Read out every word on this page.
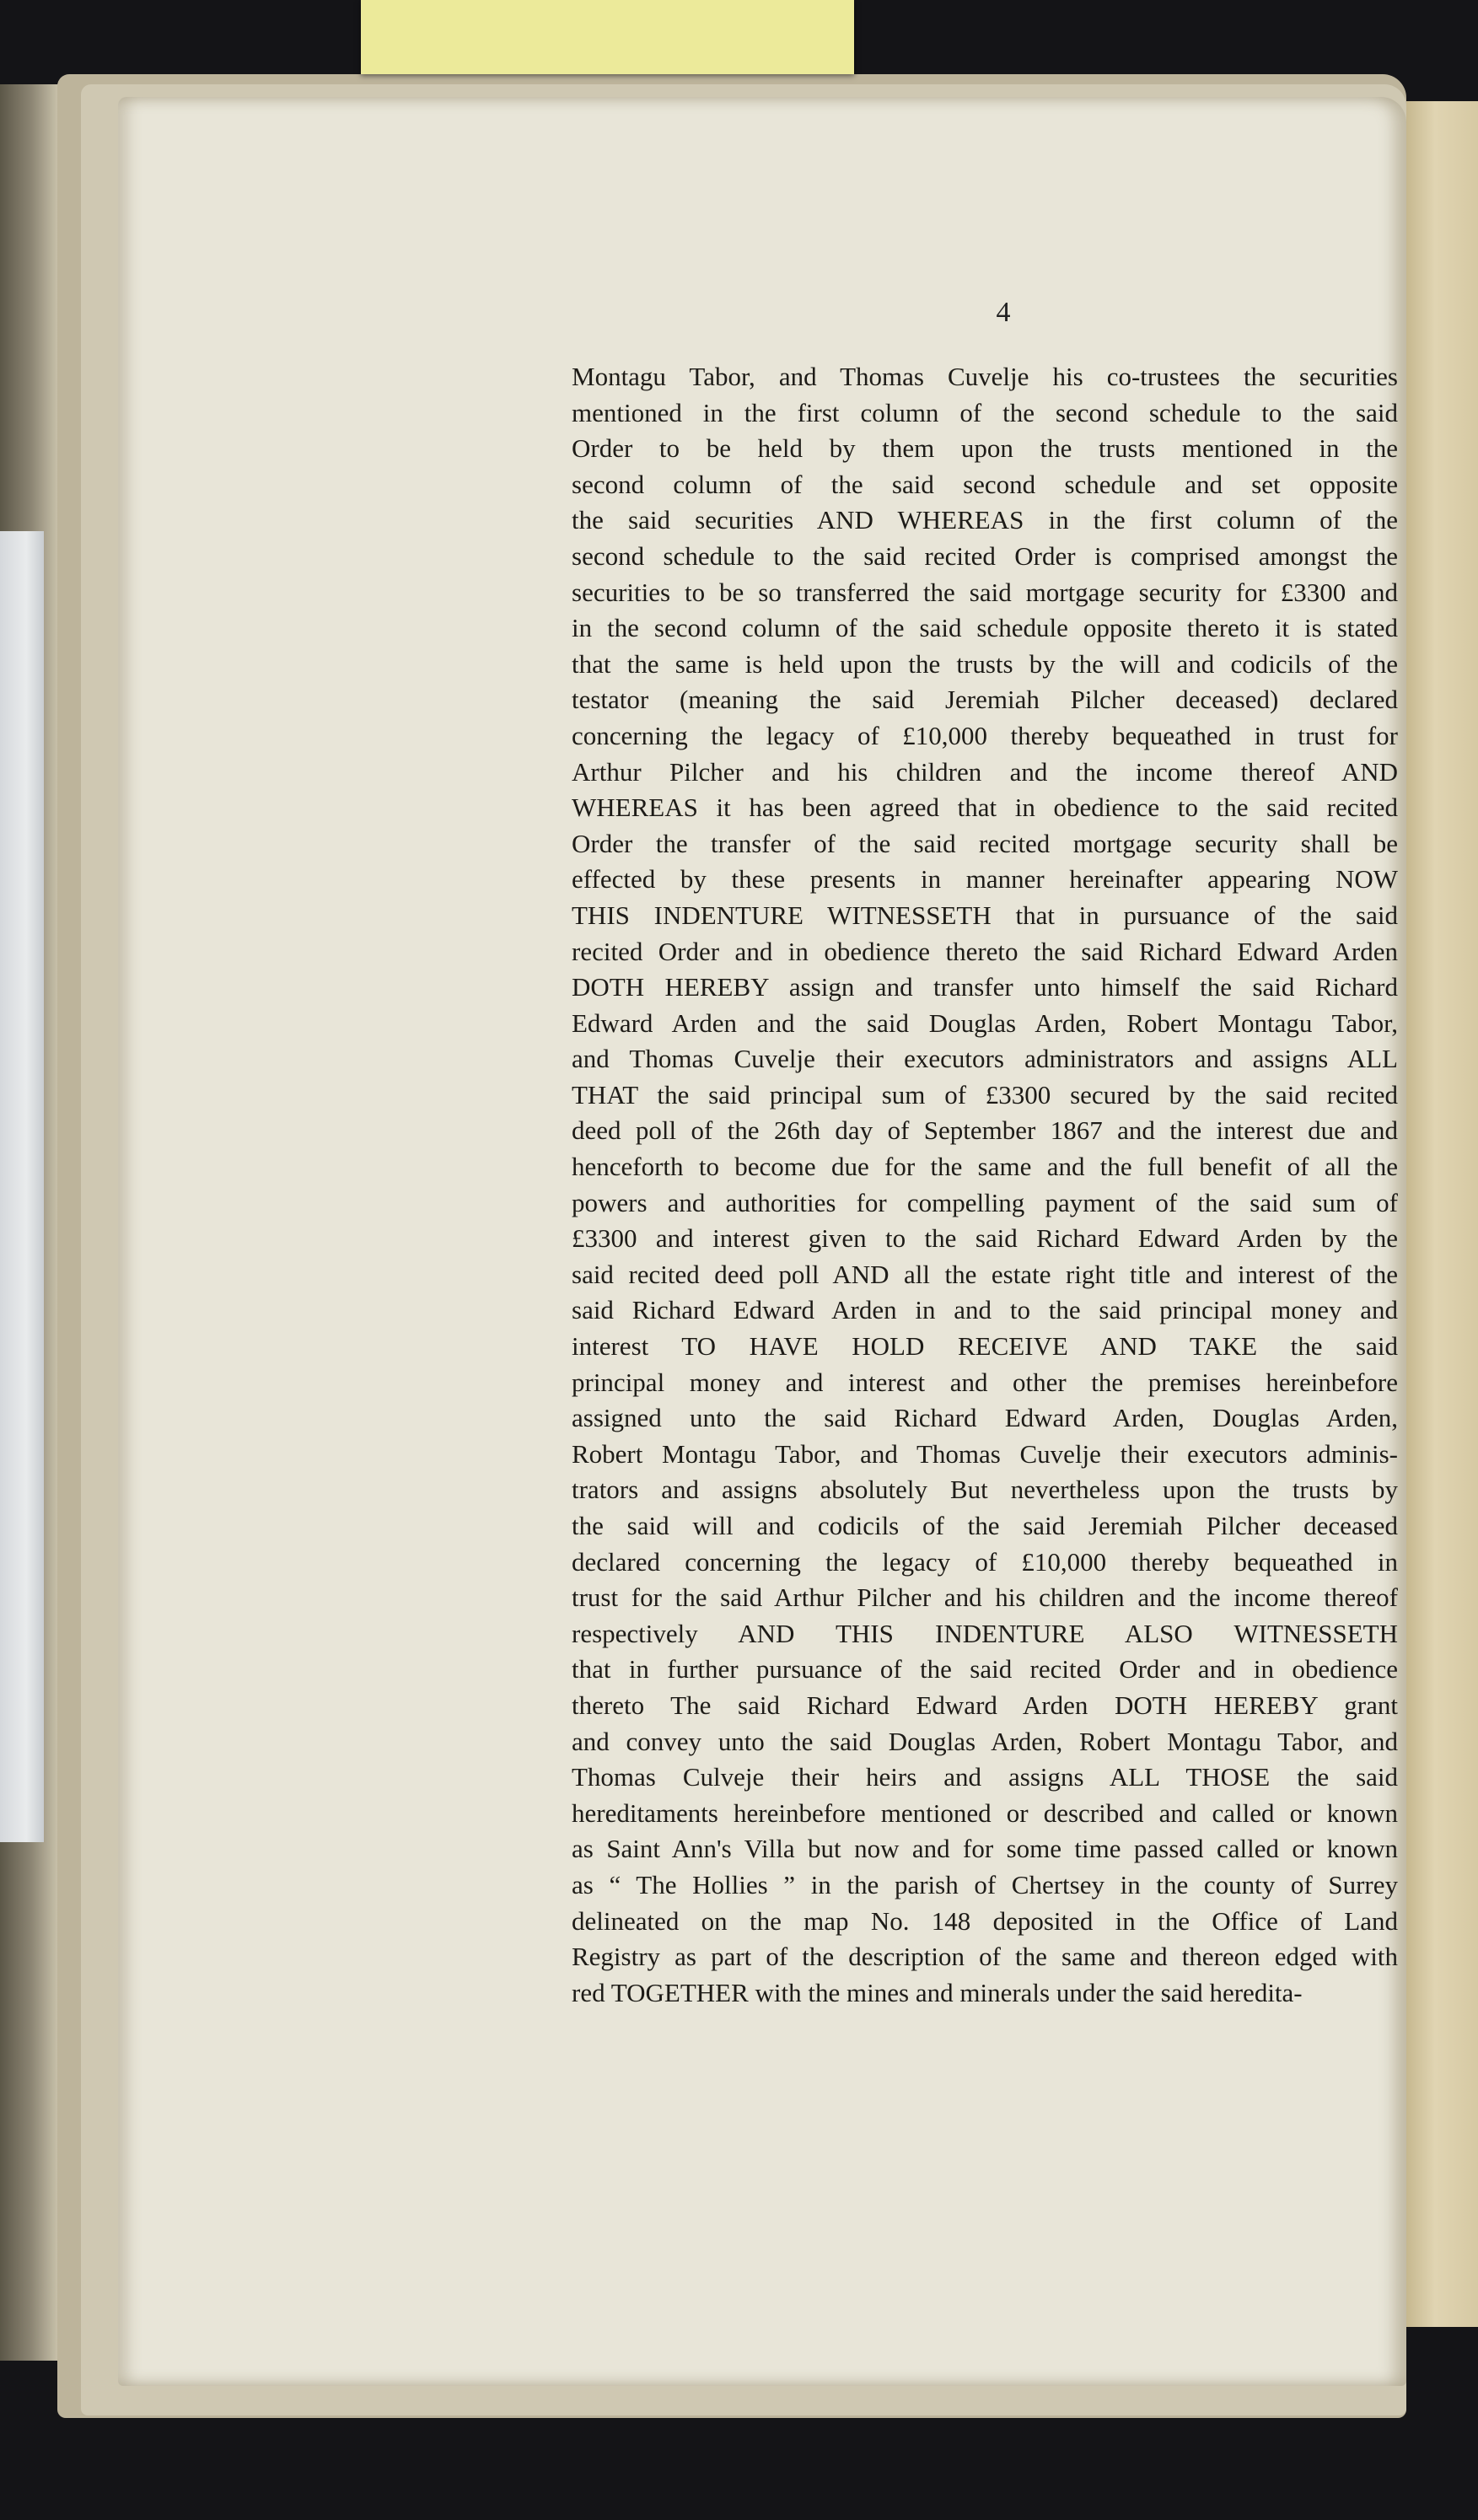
4
Montagu Tabor, and Thomas Cuvelje his co-trustees the securities
mentioned in the first column of the second schedule to the said
Order to be held by them upon the trusts mentioned in the
second column of the said second schedule and set opposite
the said securities AND WHEREAS in the first column of the
second schedule to the said recited Order is comprised amongst the
securities to be so transferred the said mortgage security for £3300 and
in the second column of the said schedule opposite thereto it is stated
that the same is held upon the trusts by the will and codicils of the
testator (meaning the said Jeremiah Pilcher deceased) declared
concerning the legacy of £10,000 thereby bequeathed in trust for
Arthur Pilcher and his children and the income thereof AND
WHEREAS it has been agreed that in obedience to the said recited
Order the transfer of the said recited mortgage security shall be
effected by these presents in manner hereinafter appearing NOW
THIS INDENTURE WITNESSETH that in pursuance of the said
recited Order and in obedience thereto the said Richard Edward Arden
DOTH HEREBY assign and transfer unto himself the said Richard
Edward Arden and the said Douglas Arden, Robert Montagu Tabor,
and Thomas Cuvelje their executors administrators and assigns ALL
THAT the said principal sum of £3300 secured by the said recited
deed poll of the 26th day of September 1867 and the interest due and
henceforth to become due for the same and the full benefit of all the
powers and authorities for compelling payment of the said sum of
£3300 and interest given to the said Richard Edward Arden by the
said recited deed poll AND all the estate right title and interest of the
said Richard Edward Arden in and to the said principal money and
interest TO HAVE HOLD RECEIVE AND TAKE the said
principal money and interest and other the premises hereinbefore
assigned unto the said Richard Edward Arden, Douglas Arden,
Robert Montagu Tabor, and Thomas Cuvelje their executors adminis-
trators and assigns absolutely But nevertheless upon the trusts by
the said will and codicils of the said Jeremiah Pilcher deceased
declared concerning the legacy of £10,000 thereby bequeathed in
trust for the said Arthur Pilcher and his children and the income thereof
respectively AND THIS INDENTURE ALSO WITNESSETH
that in further pursuance of the said recited Order and in obedience
thereto The said Richard Edward Arden DOTH HEREBY grant
and convey unto the said Douglas Arden, Robert Montagu Tabor, and
Thomas Culveje their heirs and assigns ALL THOSE the said
hereditaments hereinbefore mentioned or described and called or known
as Saint Ann's Villa but now and for some time passed called or known
as “ The Hollies ” in the parish of Chertsey in the county of Surrey
delineated on the map No. 148 deposited in the Office of Land
Registry as part of the description of the same and thereon edged with
red TOGETHER with the mines and minerals under the said heredita-
